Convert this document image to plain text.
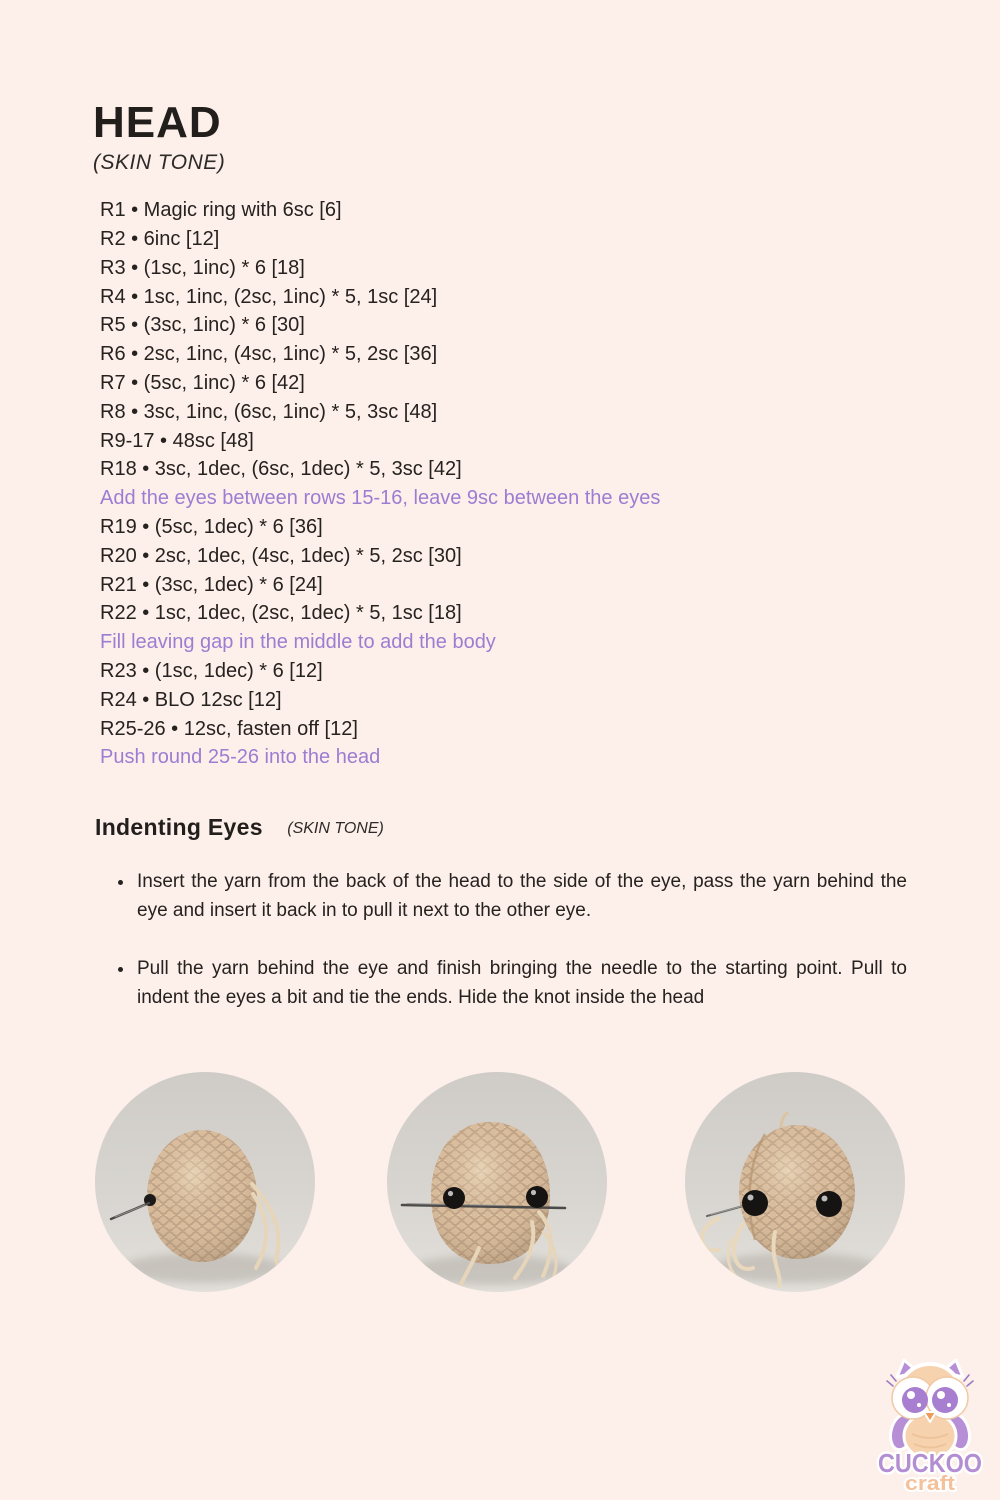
HEAD
(SKIN TONE)
R1 • Magic ring with 6sc [6]
R2 • 6inc [12]
R3 • (1sc, 1inc) * 6 [18]
R4 • 1sc, 1inc, (2sc, 1inc) * 5, 1sc [24]
R5 • (3sc, 1inc) * 6 [30]
R6 • 2sc, 1inc, (4sc, 1inc) * 5, 2sc [36]
R7 • (5sc, 1inc) * 6 [42]
R8 • 3sc, 1inc, (6sc, 1inc) * 5, 3sc [48]
R9-17 • 48sc [48]
R18 • 3sc, 1dec, (6sc, 1dec) * 5, 3sc [42]
Add the eyes between rows 15-16, leave 9sc between the eyes
R19 • (5sc, 1dec) * 6 [36]
R20 • 2sc, 1dec, (4sc, 1dec) * 5, 2sc [30]
R21 • (3sc, 1dec) * 6 [24]
R22 • 1sc, 1dec, (2sc, 1dec) * 5, 1sc [18]
Fill leaving gap in the middle to add the body
R23 • (1sc, 1dec) * 6 [12]
R24 • BLO 12sc [12]
R25-26 • 12sc, fasten off [12]
Push round 25-26 into the head
Indenting Eyes (SKIN TONE)
• Insert the yarn from the back of the head to the side of the eye, pass the yarn behind the eye and insert it back in to pull it next to the other eye.
• Pull the yarn behind the eye and finish bringing the needle to the starting point. Pull to indent the eyes a bit and tie the ends. Hide the knot inside the head
CUCKOO
craft
